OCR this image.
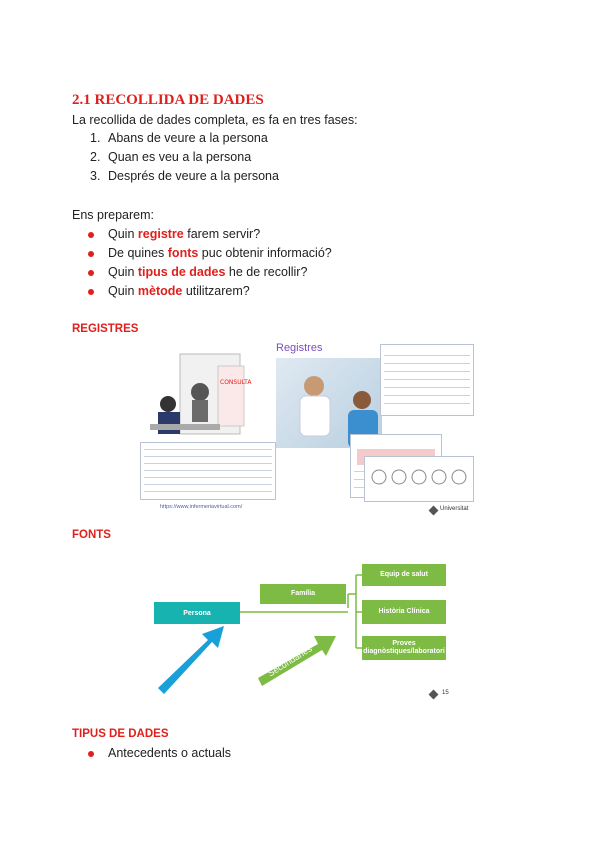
2.1 RECOLLIDA DE DADES
La recollida de dades completa, es fa en tres fases:
1. Abans de veure a la persona
2. Quan es veu a la persona
3. Després de veure a la persona
Ens preparem:
Quin registre farem servir?
De quines fonts puc obtenir informació?
Quin tipus de dades he de recollir?
Quin mètode utilitzarem?
REGISTRES
CONSULTA
Registres
https://www.infermeriavirtual.com/	Universitat
FONTS
Persona
Família
Equip de salut
Història Clínica
Proves diagnòstiques/laboratori
Primàries
Secundàries
15
TIPUS DE DADES
Antecedents o actuals
